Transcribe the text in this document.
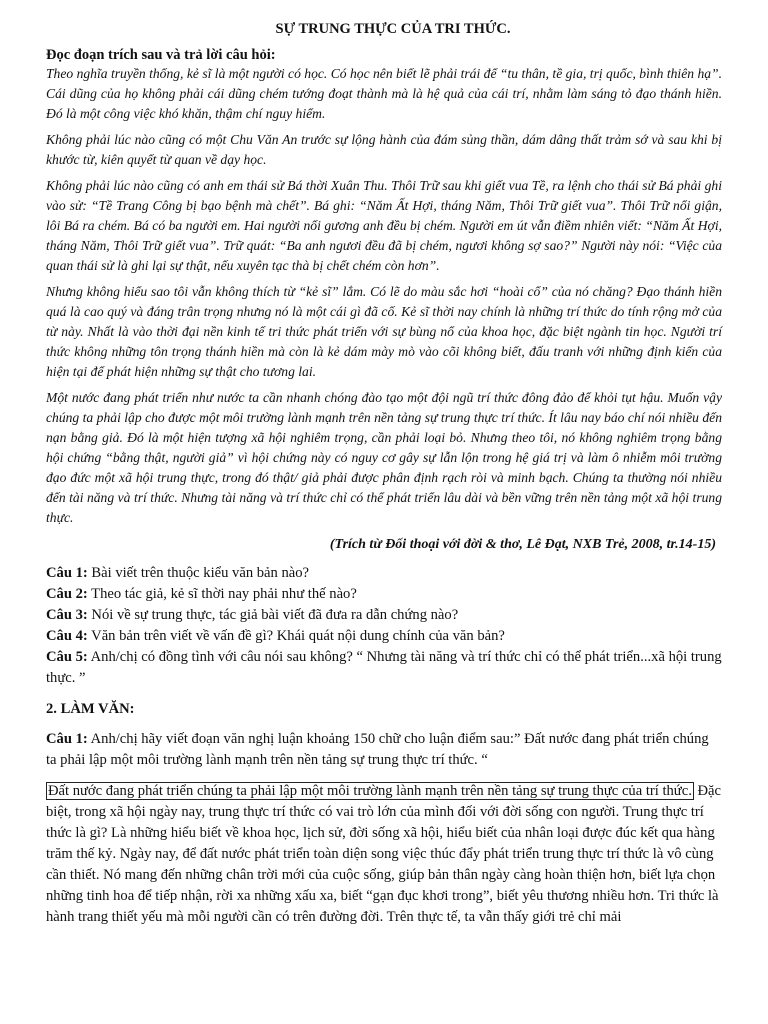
SỰ TRUNG THỰC CỦA TRI THỨC.
Đọc đoạn trích sau và trả lời câu hỏi:

Theo nghĩa truyền thống, kẻ sĩ là một người có học. Có học nên biết lẽ phải trái để “tu thân, tề gia, trị quốc, bình thiên hạ”. Cái dũng của họ không phải cái dũng chém tướng đoạt thành mà là hệ quả của cái trí, nhằm làm sáng tỏ đạo thánh hiền. Đó là một công việc khó khăn, thậm chí nguy hiểm.

Không phải lúc nào cũng có một Chu Văn An trước sự lộng hành của đám sủng thần, dám dâng thất trảm sớ và sau khi bị khước từ, kiên quyết từ quan về dạy học.

Không phải lúc nào cũng có anh em thái sử Bá thời Xuân Thu. Thôi Trữ sau khi giết vua Tề, ra lệnh cho thái sử Bá phải ghi vào sử: “Tề Trang Công bị bạo bệnh mà chết”. Bá ghi: “Năm Ất Hợi, tháng Năm, Thôi Trữ giết vua”. Thôi Trữ nổi giận, lôi Bá ra chém. Bá có ba người em. Hai người nối gương anh đều bị chém. Người em út vẫn điềm nhiên viết: “Năm Ất Hợi, tháng Năm, Thôi Trữ giết vua”. Trữ quát: “Ba anh ngươi đều đã bị chém, ngươi không sợ sao?” Người này nói: “Việc của quan thái sử là ghi lại sự thật, nếu xuyên tạc thà bị chết chém còn hơn”.

Nhưng không hiểu sao tôi vẫn không thích từ “kẻ sĩ” lắm. Có lẽ do màu sắc hơi “hoài cổ” của nó chăng? Đạo thánh hiền quá là cao quý và đáng trân trọng nhưng nó là một cái gì đã cố. Kẻ sĩ thời nay chính là những trí thức do tính rộng mở của từ này. Nhất là vào thời đại nền kinh tế tri thức phát triển với sự bùng nổ của khoa học, đặc biệt ngành tin học. Người trí thức không những tôn trọng thánh hiền mà còn là kẻ dám mày mò vào cõi không biết, đấu tranh với những định kiến của hiện tại để phát hiện những sự thật cho tương lai.

Một nước đang phát triển như nước ta cần nhanh chóng đào tạo một đội ngũ trí thức đông đảo để khỏi tụt hậu. Muốn vậy chúng ta phải lập cho được một môi trường lành mạnh trên nền tảng sự trung thực trí thức. Ít lâu nay báo chí nói nhiều đến nạn bằng giả. Đó là một hiện tượng xã hội nghiêm trọng, cần phải loại bỏ. Nhưng theo tôi, nó không nghiêm trọng bằng hội chứng “bằng thật, người giả” vì hội chứng này có nguy cơ gây sự lẫn lộn trong hệ giá trị và làm ô nhiễm môi trường đạo đức một xã hội trung thực, trong đó thật/ giả phải được phân định rạch ròi và minh bạch. Chúng ta thường nói nhiều đến tài năng và trí thức. Nhưng tài năng và trí thức chỉ có thể phát triển lâu dài và bền vững trên nền tảng một xã hội trung thực.

(Trích từ Đối thoại với đời & thơ, Lê Đạt, NXB Trẻ, 2008, tr.14-15)

Câu 1: Bài viết trên thuộc kiểu văn bản nào?

Câu 2: Theo tác giả, kẻ sĩ thời nay phải như thế nào?

Câu 3: Nói về sự trung thực, tác giả bài viết đã đưa ra dẫn chứng nào?

Câu 4: Văn bản trên viết về vấn đề gì? Khái quát nội dung chính của văn bản?

Câu 5: Anh/chị có đồng tình với câu nói sau không? “ Nhưng tài năng và trí thức chỉ có thể phát triển...xã hội trung thực. ”

2. LÀM VĂN:

Câu 1: Anh/chị hãy viết đoạn văn nghị luận khoảng 150 chữ cho luận điểm sau:” Đất nước đang phát triển chúng ta phải lập một môi trường lành mạnh trên nền tảng sự trung thực trí thức. “

Đất nước đang phát triển chúng ta phải lập một môi trường lành mạnh trên nền tảng sự trung thực của trí thức. Đặc biệt, trong xã hội ngày nay, trung thực trí thức có vai trò lớn của mình đối với đời sống con người. Trung thực trí thức là gì? Là những hiểu biết về khoa học, lịch sử, đời sống xã hội, hiểu biết của nhân loại được đúc kết qua hàng trăm thế kỷ. Ngày nay, để đất nước phát triển toàn diện song việc thúc đẩy phát triển trung thực trí thức là vô cùng cần thiết. Nó mang đến những chân trời mới của cuộc sống, giúp bản thân ngày càng hoàn thiện hơn, biết lựa chọn những tinh hoa để tiếp nhận, rời xa những xấu xa, biết “gạn đục khơi trong”, biết yêu thương nhiều hơn. Tri thức là hành trang thiết yếu mà mỗi người cần có trên đường đời. Trên thực tế, ta vẫn thấy giới trẻ chỉ mải
